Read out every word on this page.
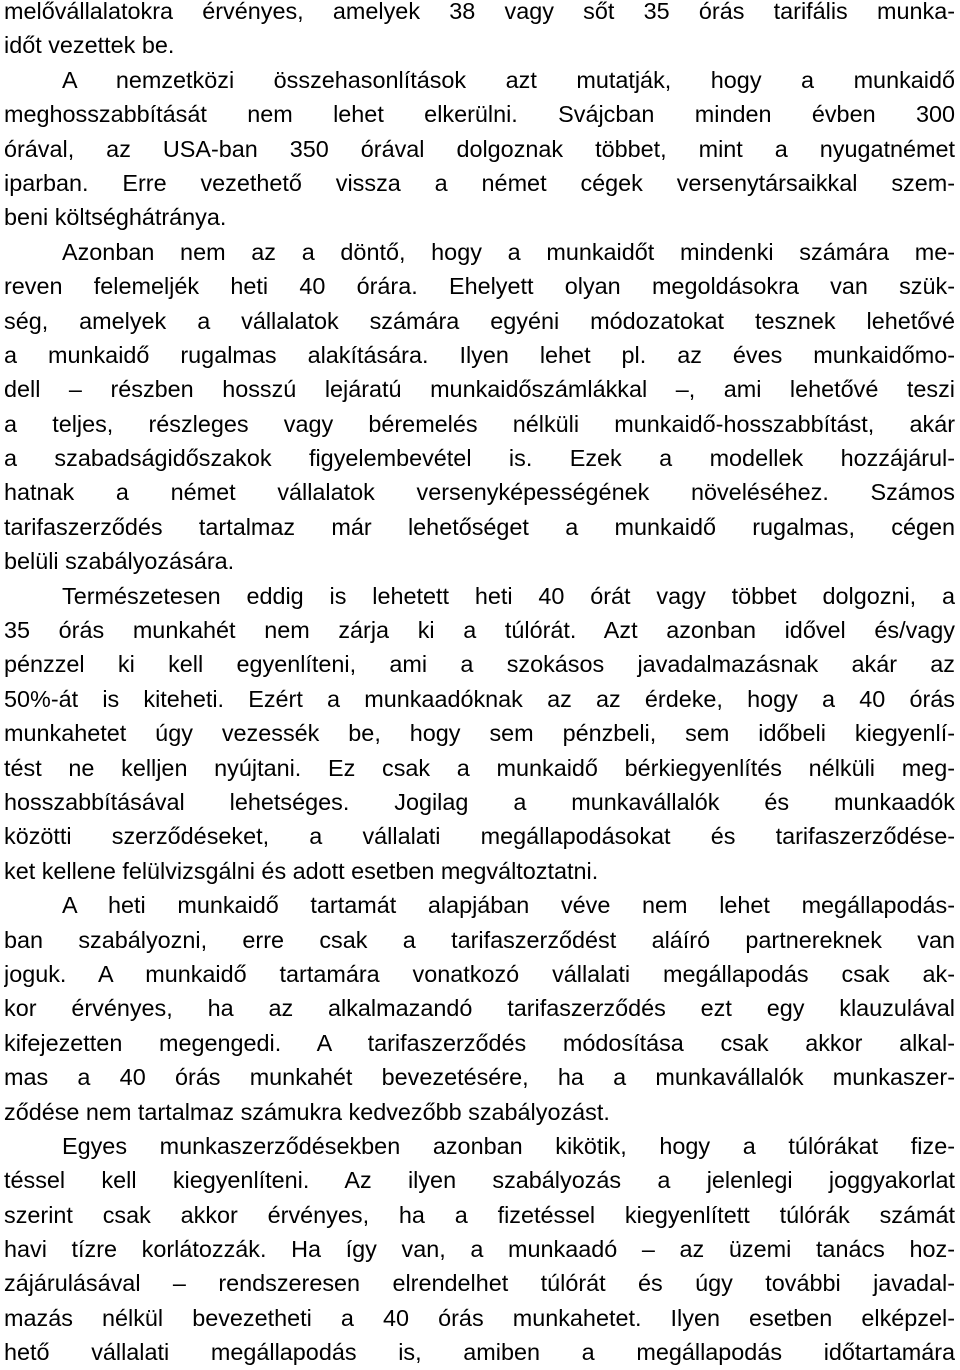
melővállalatokra érvényes, amelyek 38 vagy sőt 35 órás tarifális munka-
időt vezettek be.
A nemzetközi összehasonlítások azt mutatják, hogy a munkaidő
meghosszabbítását nem lehet elkerülni. Svájcban minden évben 300
órával, az USA-ban 350 órával dolgoznak többet, mint a nyugatnémet
iparban. Erre vezethető vissza a német cégek versenytársaikkal szem-
beni költséghátránya.
Azonban nem az a döntő, hogy a munkaidőt mindenki számára me-
reven felemeljék heti 40 órára. Ehelyett olyan megoldásokra van szük-
ség, amelyek a vállalatok számára egyéni módozatokat tesznek lehetővé
a munkaidő rugalmas alakítására. Ilyen lehet pl. az éves munkaidőmo-
dell – részben hosszú lejáratú munkaidőszámlákkal –, ami lehetővé teszi
a teljes, részleges vagy béremelés nélküli munkaidő-hosszabbítást, akár
a szabadságidőszakok figyelembevétel is. Ezek a modellek hozzájárul-
hatnak a német vállalatok versenyképességének növeléséhez. Számos
tarifaszerződés tartalmaz már lehetőséget a munkaidő rugalmas, cégen
belüli szabályozására.
Természetesen eddig is lehetett heti 40 órát vagy többet dolgozni, a
35 órás munkahét nem zárja ki a túlórát. Azt azonban idővel és/vagy
pénzzel ki kell egyenlíteni, ami a szokásos javadalmazásnak akár az
50%-át is kiteheti. Ezért a munkaadóknak az az érdeke, hogy a 40 órás
munkahetet úgy vezessék be, hogy sem pénzbeli, sem időbeli kiegyenlí-
tést ne kelljen nyújtani. Ez csak a munkaidő bérkiegyenlítés nélküli meg-
hosszabbításával lehetséges. Jogilag a munkavállalók és munkaadók
közötti szerződéseket, a vállalati megállapodásokat és tarifaszerződése-
ket kellene felülvizsgálni és adott esetben megváltoztatni.
A heti munkaidő tartamát alapjában véve nem lehet megállapodás-
ban szabályozni, erre csak a tarifaszerződést aláíró partnereknek van
joguk. A munkaidő tartamára vonatkozó vállalati megállapodás csak ak-
kor érvényes, ha az alkalmazandó tarifaszerződés ezt egy klauzulával
kifejezetten megengedi. A tarifaszerződés módosítása csak akkor alkal-
mas a 40 órás munkahét bevezetésére, ha a munkavállalók munkaszer-
ződése nem tartalmaz számukra kedvezőbb szabályozást.
Egyes munkaszerződésekben azonban kikötik, hogy a túlórákat fize-
téssel kell kiegyenlíteni. Az ilyen szabályozás a jelenlegi joggyakorlat
szerint csak akkor érvényes, ha a fizetéssel kiegyenlített túlórák számát
havi tízre korlátozzák. Ha így van, a munkaadó – az üzemi tanács hoz-
zájárulásával – rendszeresen elrendelhet túlórát és úgy további javadal-
mazás nélkül bevezetheti a 40 órás munkahetet. Ilyen esetben elképzel-
hető vállalati megállapodás is, amiben a megállapodás időtartamára
